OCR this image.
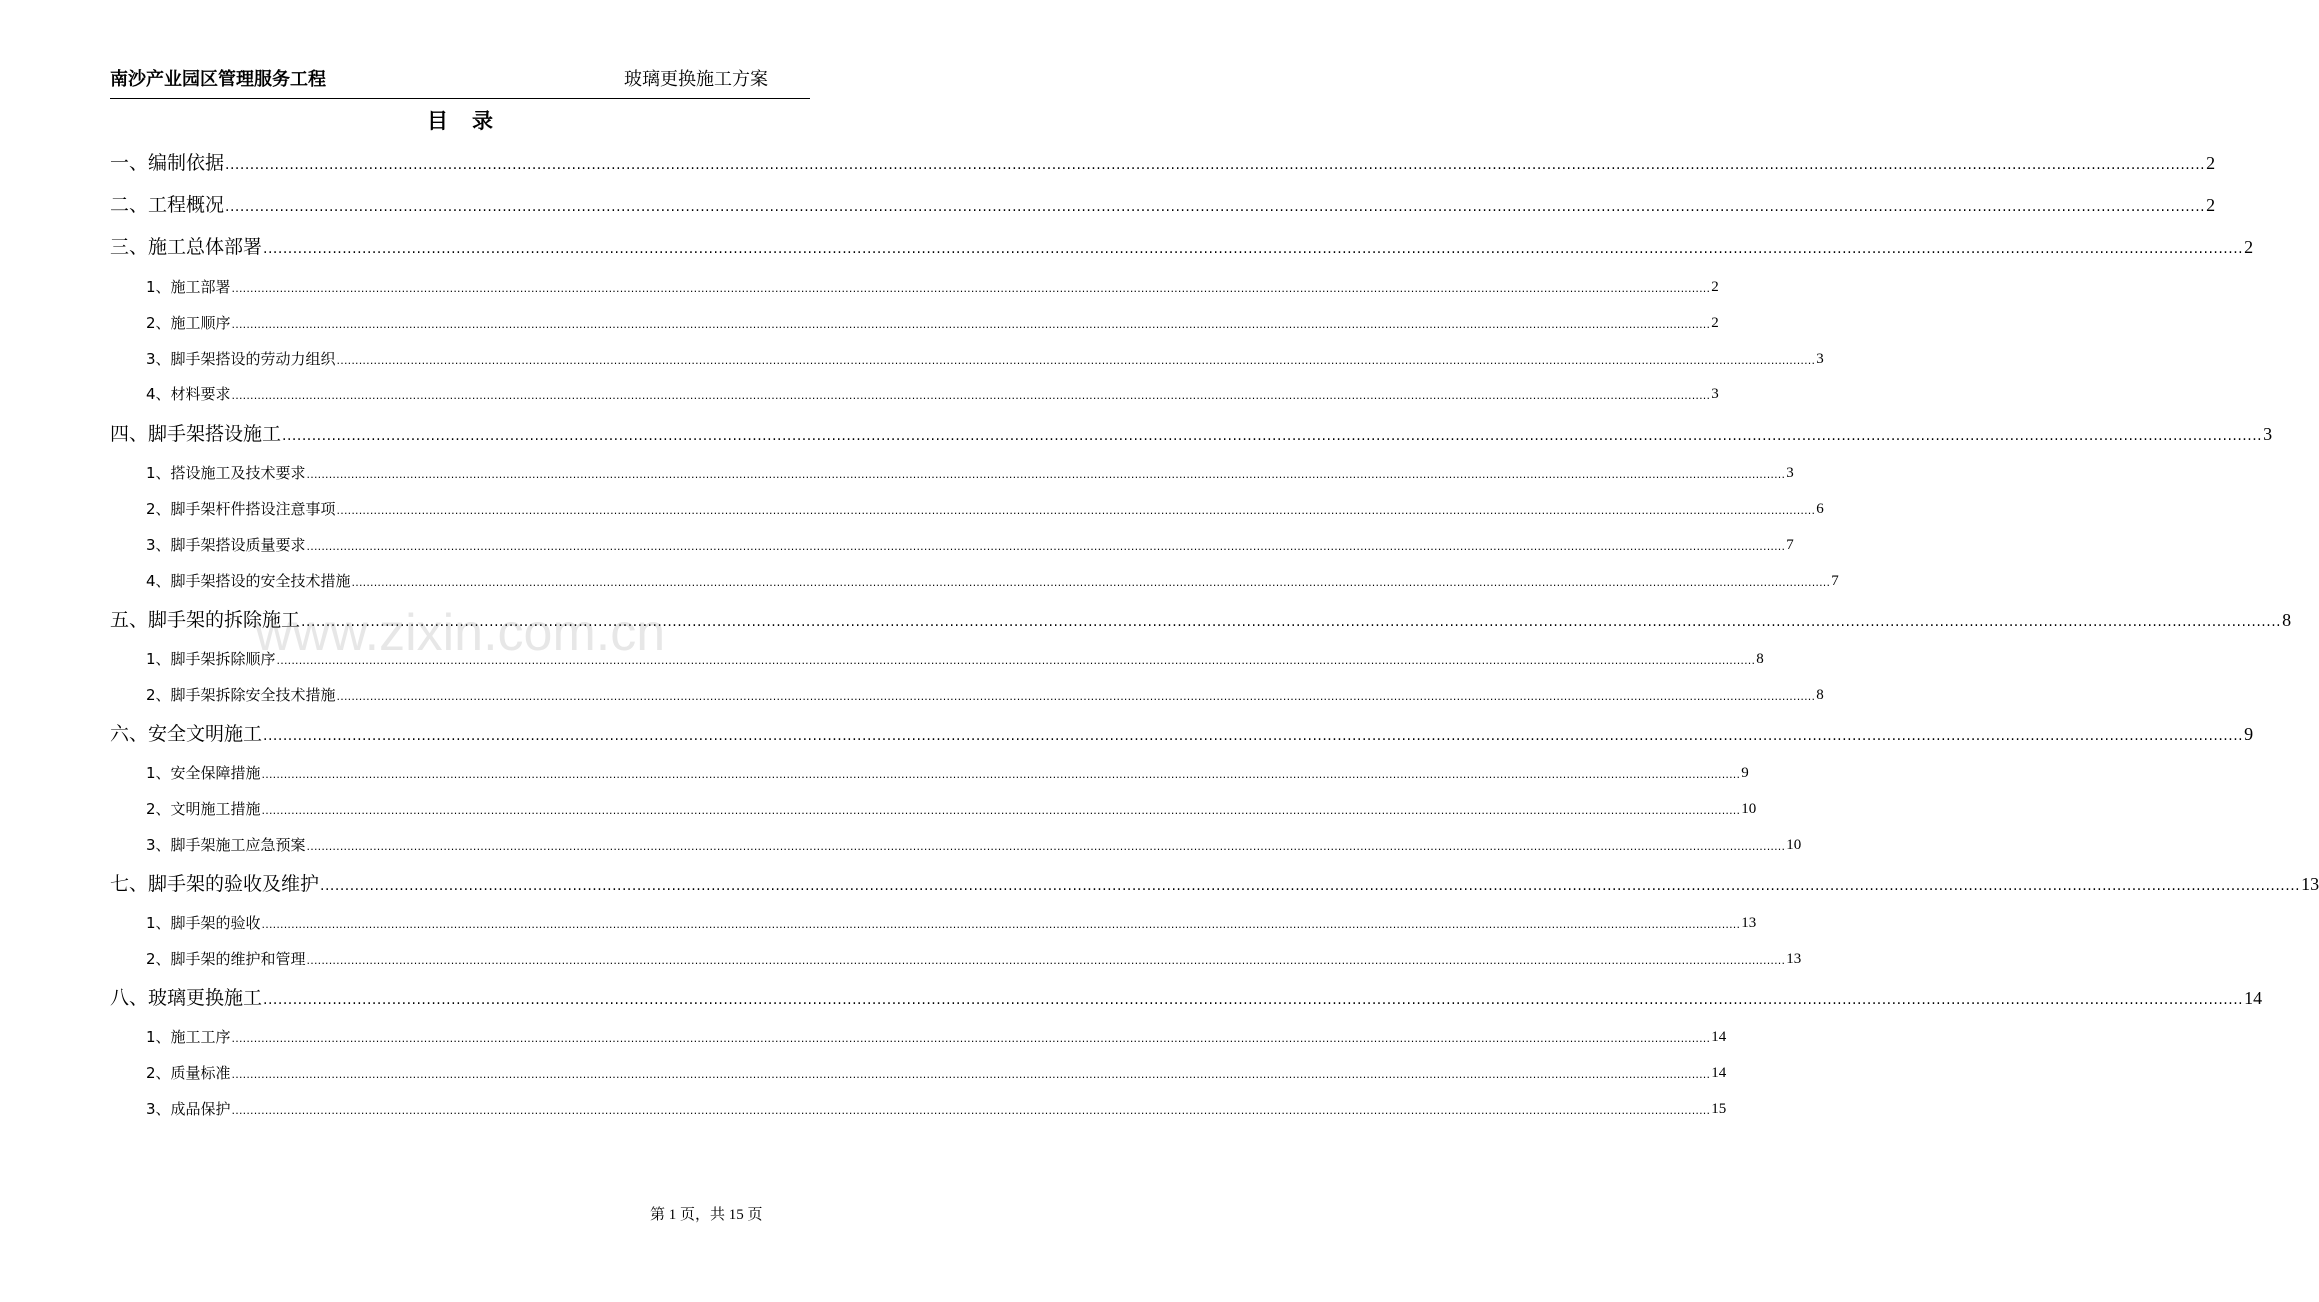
南沙产业园区管理服务工程	玻璃更换施工方案
目录
一、编制依据 ................................................................................................................................................................................................................................................................................................................................................................................................................ 2
二、工程概况 ................................................................................................................................................................................................................................................................................................................................................................................................................ 2
三、施工总体部署 ................................................................................................................................................................................................................................................................................................................................................................................................................ 2
1、施工部署 ................................................................................................................................................................................................................................................................................................................................................................................................................ 2
2、施工顺序 ................................................................................................................................................................................................................................................................................................................................................................................................................ 2
3、脚手架搭设的劳动力组织 ................................................................................................................................................................................................................................................................................................................................................................................................................ 3
4、材料要求 ................................................................................................................................................................................................................................................................................................................................................................................................................ 3
四、脚手架搭设施工 ................................................................................................................................................................................................................................................................................................................................................................................................................ 3
1、搭设施工及技术要求 ................................................................................................................................................................................................................................................................................................................................................................................................................ 3
2、脚手架杆件搭设注意事项 ................................................................................................................................................................................................................................................................................................................................................................................................................ 6
3、脚手架搭设质量要求 ................................................................................................................................................................................................................................................................................................................................................................................................................ 7
4、脚手架搭设的安全技术措施 ................................................................................................................................................................................................................................................................................................................................................................................................................ 7
五、脚手架的拆除施工 ................................................................................................................................................................................................................................................................................................................................................................................................................ 8
1、脚手架拆除顺序 ................................................................................................................................................................................................................................................................................................................................................................................................................ 8
2、脚手架拆除安全技术措施 ................................................................................................................................................................................................................................................................................................................................................................................................................ 8
六、安全文明施工 ................................................................................................................................................................................................................................................................................................................................................................................................................ 9
1、安全保障措施 ................................................................................................................................................................................................................................................................................................................................................................................................................ 9
2、文明施工措施 ................................................................................................................................................................................................................................................................................................................................................................................................................ 10
3、脚手架施工应急预案 ................................................................................................................................................................................................................................................................................................................................................................................................................ 10
七、脚手架的验收及维护 ................................................................................................................................................................................................................................................................................................................................................................................................................ 13
1、脚手架的验收 ................................................................................................................................................................................................................................................................................................................................................................................................................ 13
2、脚手架的维护和管理 ................................................................................................................................................................................................................................................................................................................................................................................................................ 13
八、玻璃更换施工 ................................................................................................................................................................................................................................................................................................................................................................................................................ 14
1、施工工序 ................................................................................................................................................................................................................................................................................................................................................................................................................ 14
2、质量标准 ................................................................................................................................................................................................................................................................................................................................................................................................................ 14
3、成品保护 ................................................................................................................................................................................................................................................................................................................................................................................................................ 15
www.zixin.com.cn
第 1 页，共 15 页
